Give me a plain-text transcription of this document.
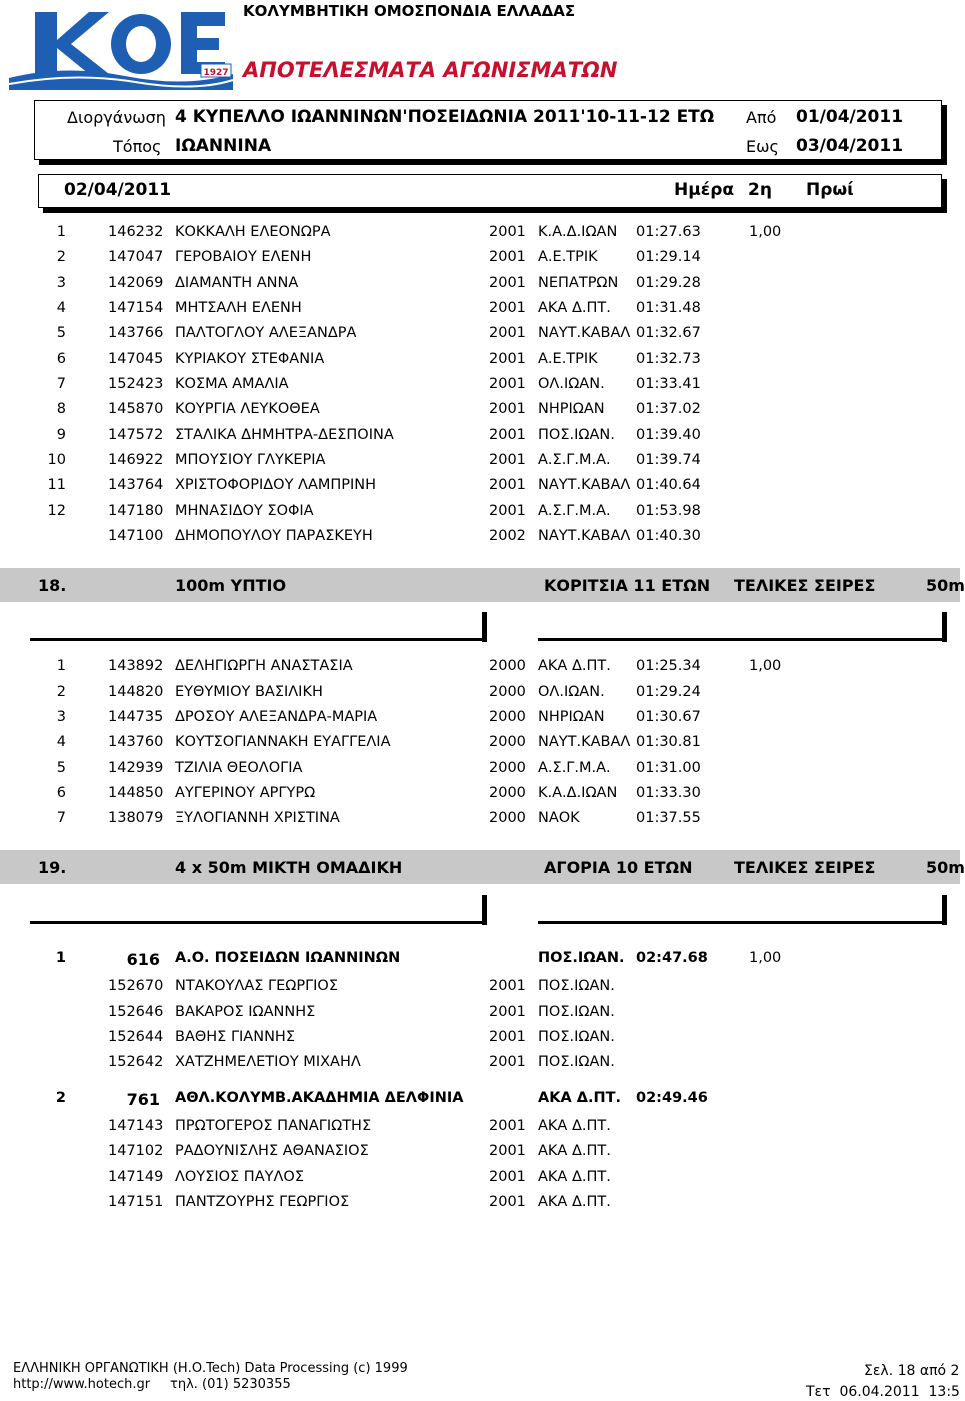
1927
ΚΟΛΥΜΒΗΤΙΚΗ ΟΜΟΣΠΟΝΔΙΑ ΕΛΛΑΔΑΣ
ΑΠΟΤΕΛΕΣΜΑΤΑ ΑΓΩΝΙΣΜΑΤΩΝ
Διοργάνωση 4 ΚΥΠΕΛΛΟ ΙΩΑΝΝΙΝΩΝ'ΠΟΣΕΙΔΩΝΙΑ 2011'10-11-12 ΕΤΩ
Τόπος ΙΩΑΝΝΙΝΑ
Από 01/04/2011
Εως 03/04/2011
02/04/2011	Ημέρα 2η Πρωί
1	146232 ΚΟΚΚΑΛΗ ΕΛΕΟΝΩΡΑ	2001 Κ.Α.Δ.ΙΩΑΝ 01:27.63	1,00
2	147047 ΓΕΡΟΒΑΙΟΥ ΕΛΕΝΗ	2001 Α.Ε.ΤΡΙΚ	01:29.14
3	142069 ΔΙΑΜΑΝΤΗ ΑΝΝΑ	2001 ΝΕΠΑΤΡΩΝ 01:29.28
4	147154 ΜΗΤΣΑΛΗ ΕΛΕΝΗ	2001 ΑΚΑ Δ.ΠΤ. 01:31.48
5	143766 ΠΑΛΤΟΓΛΟΥ ΑΛΕΞΑΝΔΡΑ	2001 ΝΑΥΤ.ΚΑΒΑΛ 01:32.67
6	147045 ΚΥΡΙΑΚΟΥ ΣΤΕΦΑΝΙΑ	2001 Α.Ε.ΤΡΙΚ	01:32.73
7	152423 ΚΟΣΜΑ ΑΜΑΛΙΑ	2001 ΟΛ.ΙΩΑΝ. 01:33.41
8	145870 ΚΟΥΡΓΙΑ ΛΕΥΚΟΘΕΑ	2001 ΝΗΡΙΩΑΝ 01:37.02
9	147572 ΣΤΑΛΙΚΑ ΔΗΜΗΤΡΑ-ΔΕΣΠΟΙΝΑ	2001 ΠΟΣ.ΙΩΑΝ. 01:39.40
10	146922 ΜΠΟΥΣΙΟΥ ΓΛΥΚΕΡΙΑ	2001 Α.Σ.Γ.Μ.Α. 01:39.74
11	143764 ΧΡΙΣΤΟΦΟΡΙΔΟΥ ΛΑΜΠΡΙΝΗ	2001 ΝΑΥΤ.ΚΑΒΑΛ 01:40.64
12	147180 ΜΗΝΑΣΙΔΟΥ ΣΟΦΙΑ	2001 Α.Σ.Γ.Μ.Α. 01:53.98
147100 ΔΗΜΟΠΟΥΛΟΥ ΠΑΡΑΣΚΕΥΗ	2002 ΝΑΥΤ.ΚΑΒΑΛ 01:40.30
18.	100m ΥΠΤΙΟ	ΚΟΡΙΤΣΙΑ 11 ΕΤΩΝ ΤΕΛΙΚΕΣ ΣΕΙΡΕΣ	50m
1	143892 ΔΕΛΗΓΙΩΡΓΗ ΑΝΑΣΤΑΣΙΑ	2000 ΑΚΑ Δ.ΠΤ. 01:25.34	1,00
2	144820 ΕΥΘΥΜΙΟΥ ΒΑΣΙΛΙΚΗ	2000 ΟΛ.ΙΩΑΝ. 01:29.24
3	144735 ΔΡΟΣΟΥ ΑΛΕΞΑΝΔΡΑ-ΜΑΡΙΑ	2000 ΝΗΡΙΩΑΝ 01:30.67
4	143760 ΚΟΥΤΣΟΓΙΑΝΝΑΚΗ ΕΥΑΓΓΕΛΙΑ	2000 ΝΑΥΤ.ΚΑΒΑΛ 01:30.81
5	142939 ΤΖΙΛΙΑ ΘΕΟΛΟΓΙΑ	2000 Α.Σ.Γ.Μ.Α. 01:31.00
6	144850 ΑΥΓΕΡΙΝΟΥ ΑΡΓΥΡΩ	2000 Κ.Α.Δ.ΙΩΑΝ 01:33.30
7	138079 ΞΥΛΟΓΙΑΝΝΗ ΧΡΙΣΤΙΝΑ	2000 ΝΑΟΚ	01:37.55
19.	4 x 50m ΜΙΚΤΗ ΟΜΑΔΙΚΗ	ΑΓΟΡΙΑ 10 ΕΤΩΝ	ΤΕΛΙΚΕΣ ΣΕΙΡΕΣ	50m
1	616 Α.Ο. ΠΟΣΕΙΔΩΝ ΙΩΑΝΝΙΝΩΝ	ΠΟΣ.ΙΩΑΝ. 02:47.68	1,00
152670 ΝΤΑΚΟΥΛΑΣ ΓΕΩΡΓΙΟΣ	2001 ΠΟΣ.ΙΩΑΝ.
152646 ΒΑΚΑΡΟΣ ΙΩΑΝΝΗΣ	2001 ΠΟΣ.ΙΩΑΝ.
152644 ΒΑΘΗΣ ΓΙΑΝΝΗΣ	2001 ΠΟΣ.ΙΩΑΝ.
152642 ΧΑΤΖΗΜΕΛΕΤΙΟΥ ΜΙΧΑΗΛ	2001 ΠΟΣ.ΙΩΑΝ.
2	761 ΑΘΛ.ΚΟΛΥΜΒ.ΑΚΑΔΗΜΙΑ ΔΕΛΦΙΝΙΑ	ΑΚΑ Δ.ΠΤ. 02:49.46
147143 ΠΡΩΤΟΓΕΡΟΣ ΠΑΝΑΓΙΩΤΗΣ	2001 ΑΚΑ Δ.ΠΤ.
147102 ΡΑΔΟΥΝΙΣΛΗΣ ΑΘΑΝΑΣΙΟΣ	2001 ΑΚΑ Δ.ΠΤ.
147149 ΛΟΥΣΙΟΣ ΠΑΥΛΟΣ	2001 ΑΚΑ Δ.ΠΤ.
147151 ΠΑΝΤΖΟΥΡΗΣ ΓΕΩΡΓΙΟΣ	2001 ΑΚΑ Δ.ΠΤ.
ΕΛΛΗΝΙΚΗ ΟΡΓΑΝΩΤΙΚΗ (Η.Ο.Tech) Data Processing (c) 1999
http://www.hotech.gr τηλ. (01) 5230355
Σελ. 18 από 2
Τετ  06.04.2011  13:5
